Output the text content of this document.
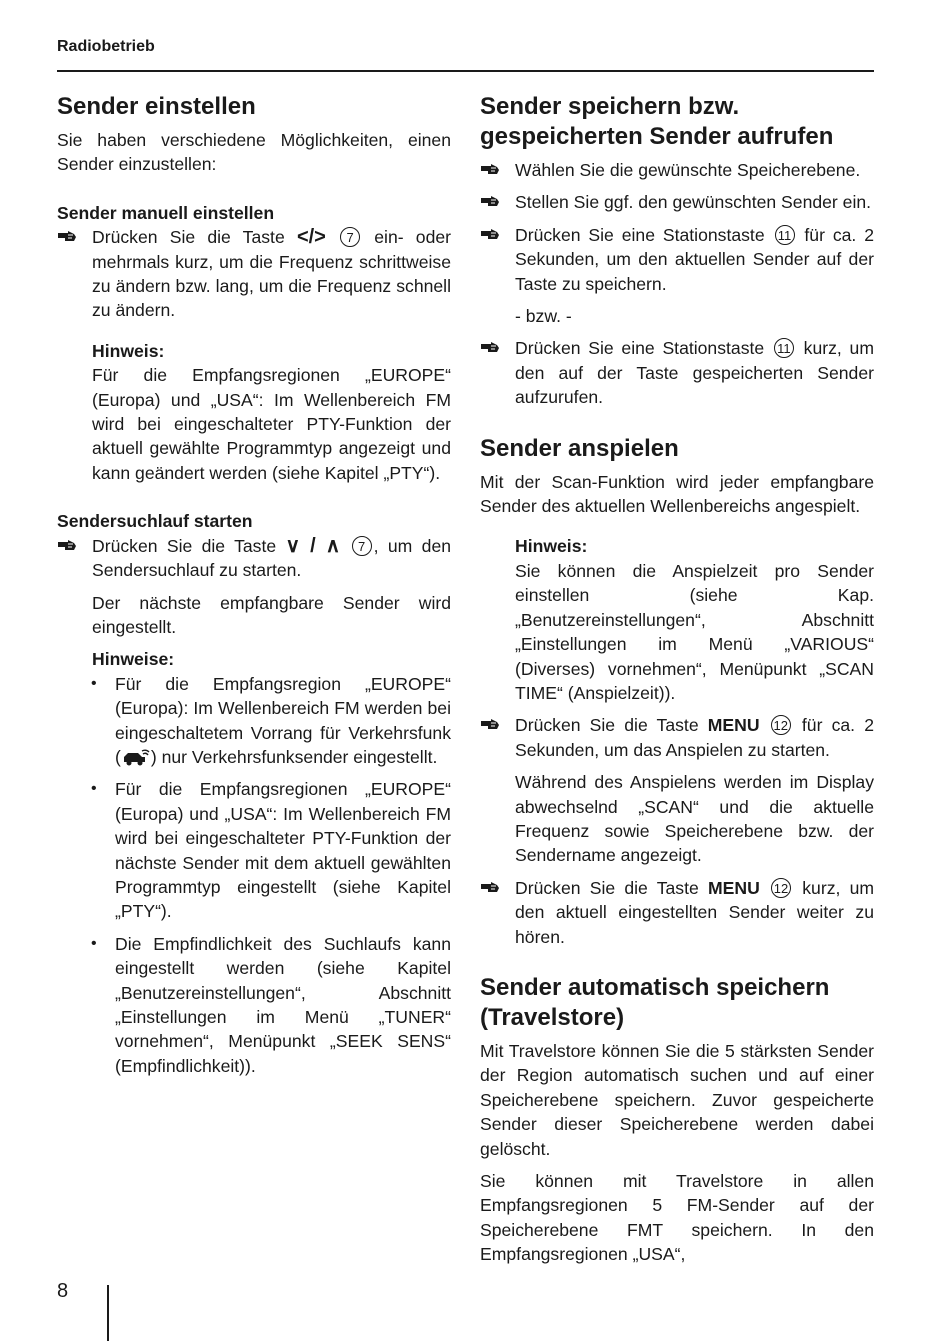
Radiobetrieb
Sender einstellen

Sie haben verschiedene Möglichkeiten, einen Sender einzustellen:

Sender manuell einstellen
Drücken Sie die Taste </> 7 ein- oder mehrmals kurz, um die Frequenz schrittweise zu ändern bzw. lang, um die Frequenz schnell zu ändern.
Hinweis:

Für die Empfangsregionen „EUROPE“ (Europa) und „USA“: Im Wellenbereich FM wird bei eingeschalteter PTY-Funktion der aktuell gewählte Programmtyp angezeigt und kann geändert werden (siehe Kapitel „PTY“).

Sendersuchlauf starten
Drücken Sie die Taste ∨ / ∧ 7 , um den Sendersuchlauf zu starten.

Der nächste empfangbare Sender wird eingestellt.

Hinweise:
• Für die Empfangsregion „EUROPE“ (Europa): Im Wellenbereich FM werden bei eingeschaltetem Vorrang für Verkehrsfunk ( ) nur Verkehrsfunksender eingestellt.
• Für die Empfangsregionen „EUROPE“ (Europa) und „USA“: Im Wellenbereich FM wird bei eingeschalteter PTY-Funktion der nächste Sender mit dem aktuell gewählten Programmtyp eingestellt (siehe Kapitel „PTY“).
• Die Empfindlichkeit des Suchlaufs kann eingestellt werden (siehe Kapitel „Benutzereinstellungen“, Abschnitt „Einstellungen im Menü „TUNER“ vornehmen“, Menüpunkt „SEEK SENS“ (Empfindlichkeit)).
Sender speichern bzw. gespeicherten Sender aufrufen
Wählen Sie die gewünschte Speicherebene.
Stellen Sie ggf. den gewünschten Sender ein.
Drücken Sie eine Stationstaste 11 für ca. 2 Sekunden, um den aktuellen Sender auf der Taste zu speichern.

- bzw. -

Drücken Sie eine Stationstaste 11 kurz, um den auf der Taste gespeicherten Sender aufzurufen.
Sender anspielen

Mit der Scan-Funktion wird jeder empfangbare Sender des aktuellen Wellenbereichs angespielt.

Hinweis:

Sie können die Anspielzeit pro Sender einstellen (siehe Kap. „Benutzereinstellungen“, Abschnitt „Einstellungen im Menü „VARIOUS“ (Diverses) vornehmen“, Menüpunkt „SCAN TIME“ (Anspielzeit)).

Drücken Sie die Taste MENU 12 für ca. 2 Sekunden, um das Anspielen zu starten.

Während des Anspielens werden im Display abwechselnd „SCAN“ und die aktuelle Frequenz sowie Speicherebene bzw. der Sendername angezeigt.

Drücken Sie die Taste MENU 12 kurz, um den aktuell eingestellten Sender weiter zu hören.
Sender automatisch speichern (Travelstore)

Mit Travelstore können Sie die 5 stärksten Sender der Region automatisch suchen und auf einer Speicherebene speichern. Zuvor gespeicherte Sender dieser Speicherebene werden dabei gelöscht.

Sie können mit Travelstore in allen Empfangsregionen 5 FM-Sender auf der Speicherebene FMT speichern. In den Empfangsregionen „USA“,

8
